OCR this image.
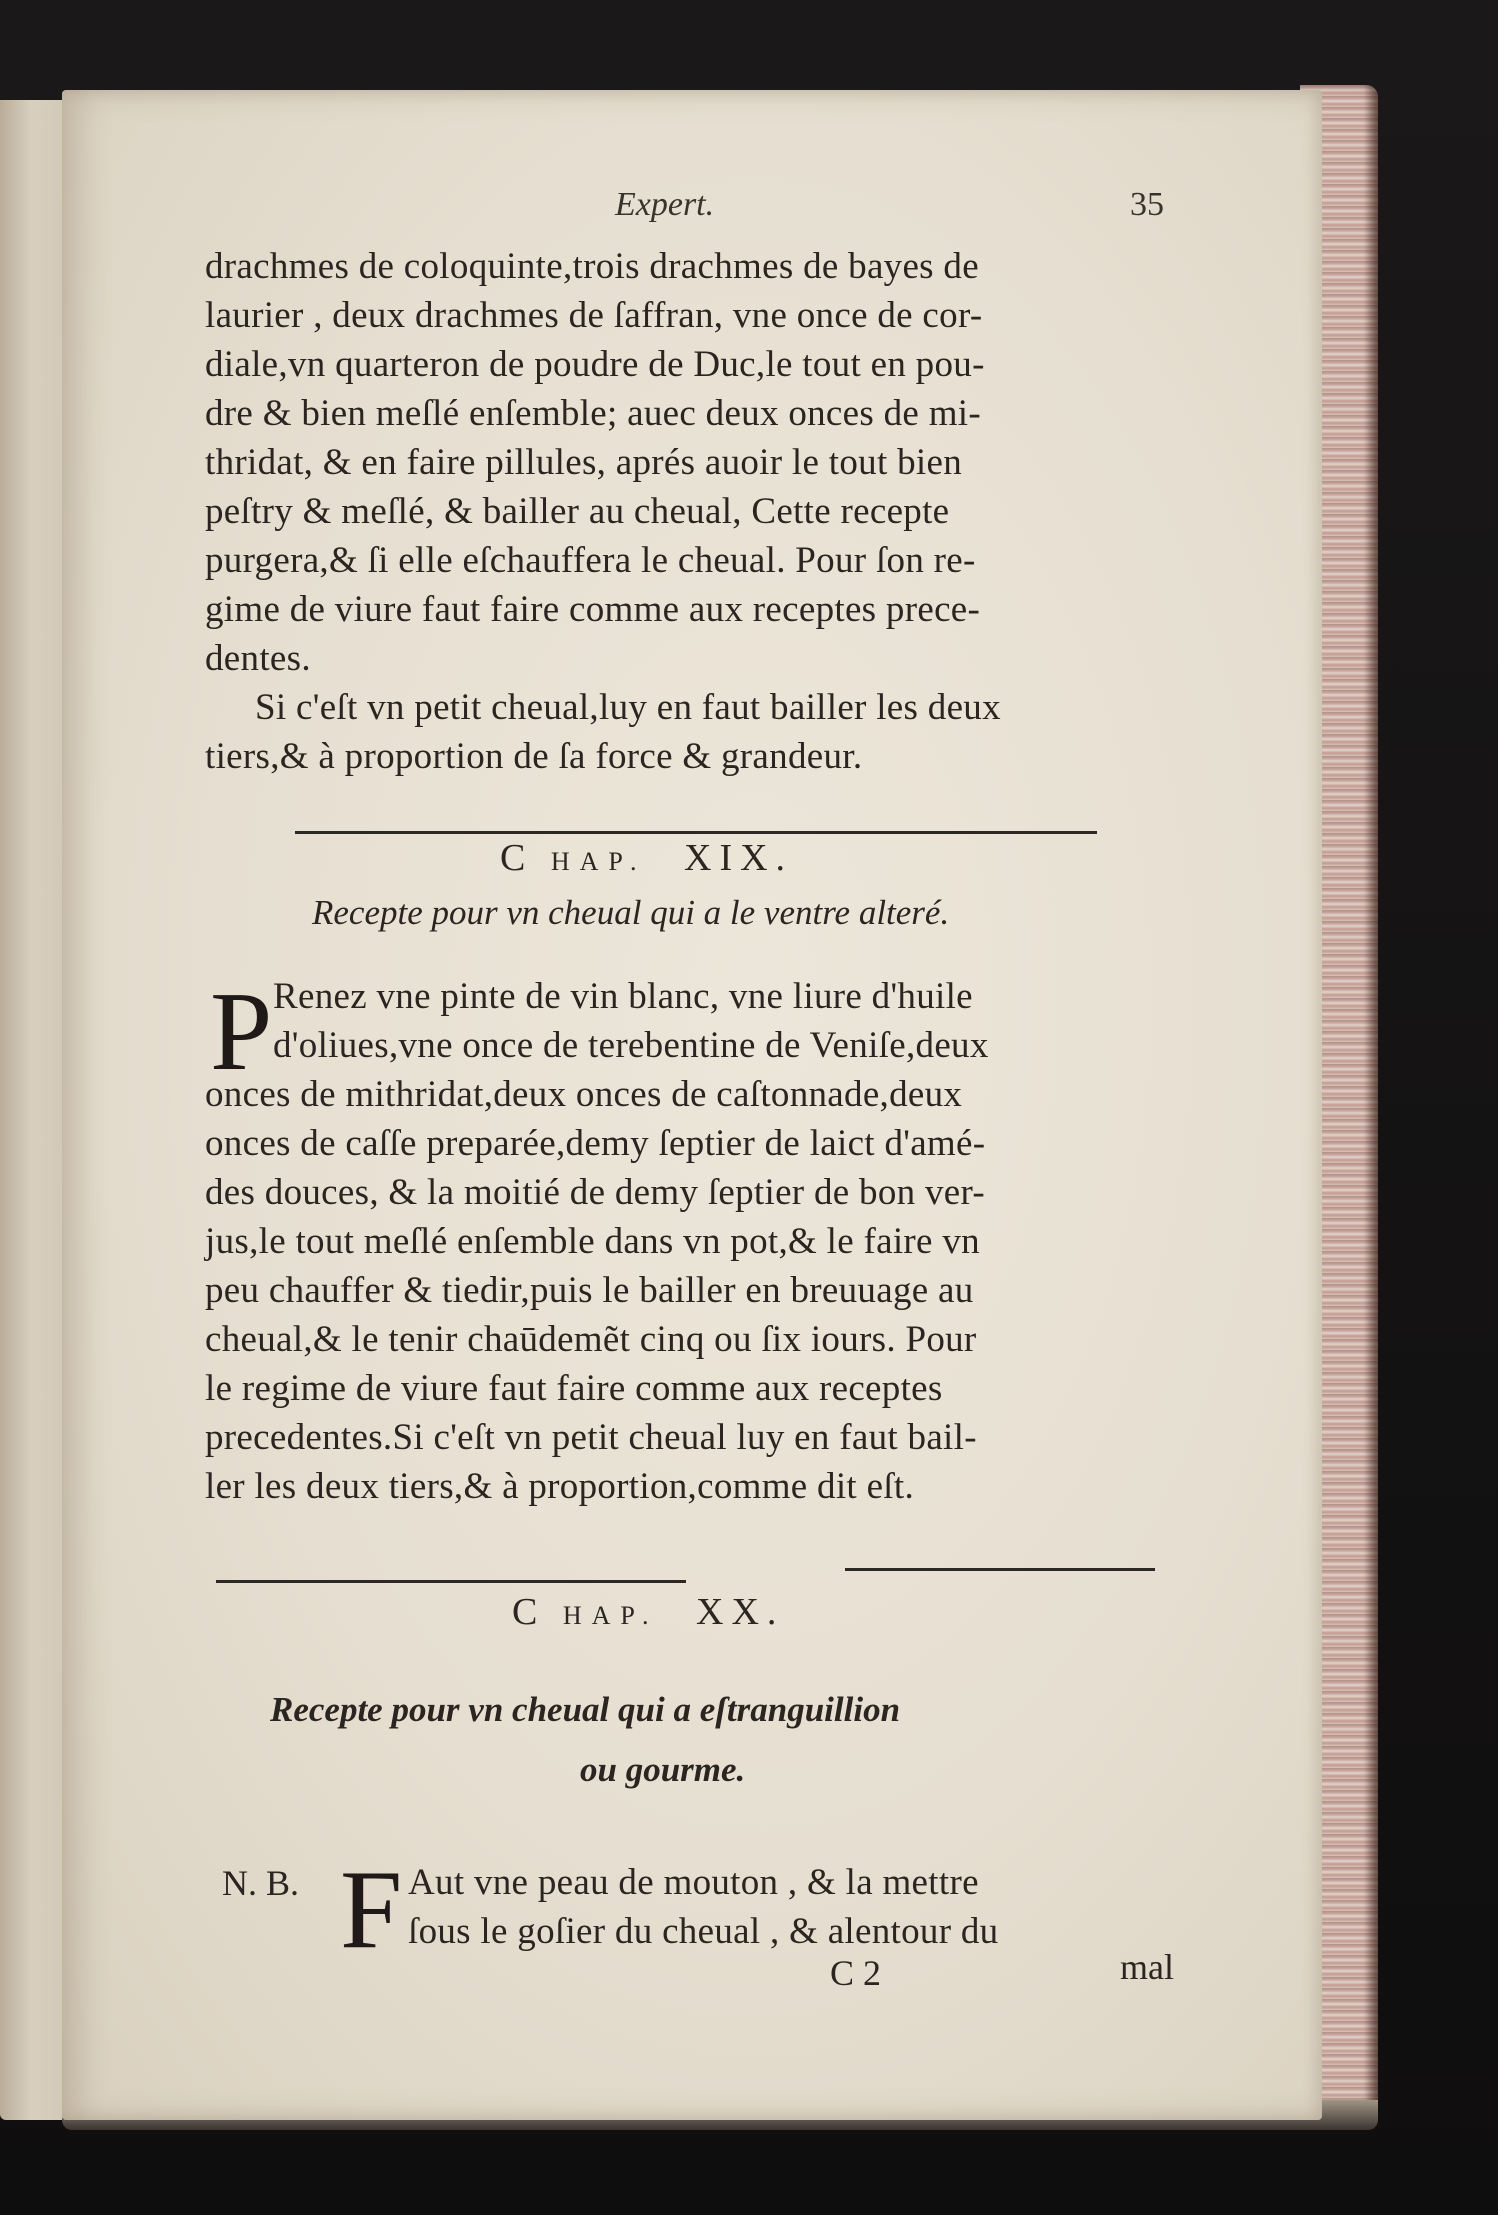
Expert.	35
drachmes de coloquinte,trois drachmes de bayes de
laurier , deux drachmes de ſaffran, vne once de cor-
diale,vn quarteron de poudre de Duc,le tout en pou-
dre & bien meſlé enſemble; auec deux onces de mi-
thridat, & en faire pillules, aprés auoir le tout bien
peſtry & meſlé, & bailler au cheual, Cette recepte
purgera,& ſi elle eſchauffera le cheual. Pour ſon re-
gime de viure faut faire comme aux receptes prece-
dentes.
Si c'eſt vn petit cheual,luy en faut bailler les deux
tiers,& à proportion de ſa force & grandeur.
C HAP. XIX.
Recepte pour vn cheual qui a le ventre alteré.
P Renez vne pinte de vin blanc, vne liure d'huile
d'oliues,vne once de terebentine de Veniſe,deux
onces de mithridat,deux onces de caſtonnade,deux
onces de caſſe preparée,demy ſeptier de laict d'amé-
des douces, & la moitié de demy ſeptier de bon ver-
jus,le tout meſlé enſemble dans vn pot,& le faire vn
peu chauffer & tiedir,puis le bailler en breuuage au
cheual,& le tenir chaūdemẽt cinq ou ſix iours. Pour
le regime de viure faut faire comme aux receptes
precedentes.Si c'eſt vn petit cheual luy en faut bail-
ler les deux tiers,& à proportion,comme dit eſt.
C HAP. XX.
Recepte pour vn cheual qui a eſtranguillion
ou gourme.
N. B. F Aut vne peau de mouton , & la mettre
ſous le goſier du cheual , & alentour du
C 2	mal
